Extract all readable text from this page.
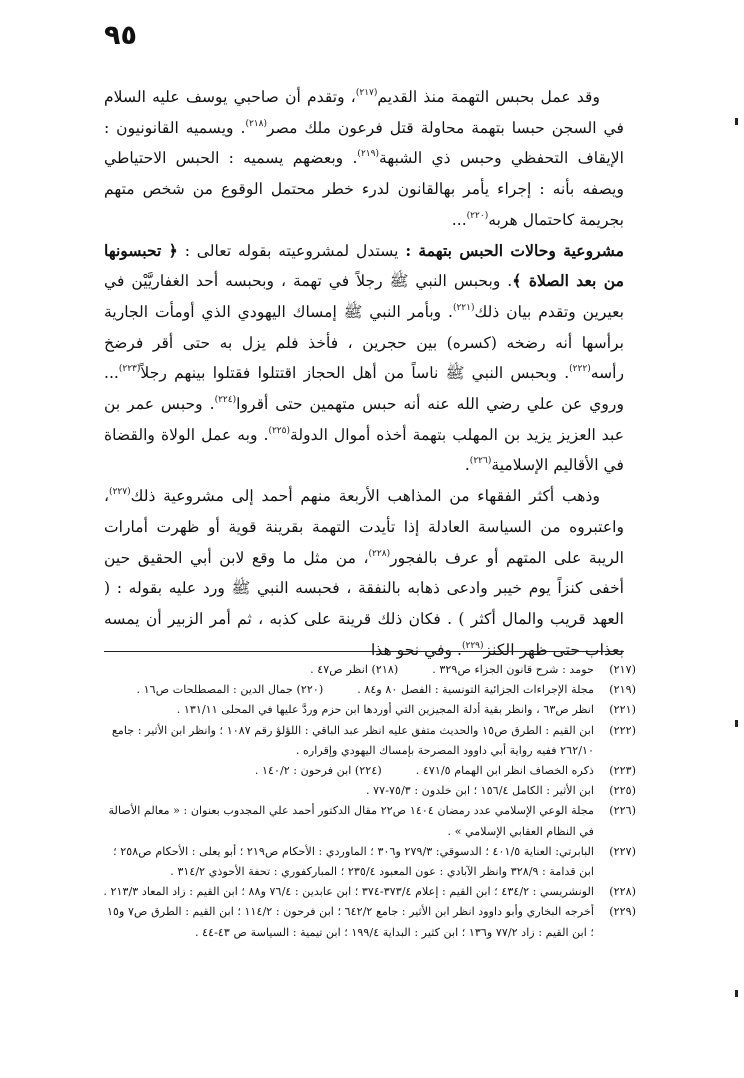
٩٥

وقد عمل بحبس التهمة منذ القديم$^{(٢١٧)}$، وتقدم أن صاحبي يوسف عليه السلام في السجن حبسا بتهمة محاولة قتل فرعون ملك مصر$^{(٢١٨)}$. ويسميه القانونيون : الإيقاف التحفظي وحبس ذي الشبهة$^{(٢١٩)}$. وبعضهم يسميه : الحبس الاحتياطي ويصفه بأنه : إجراء يأمر بهالقانون لدرء خطر محتمل الوقوع من شخص متهم بجريمة كاحتمال هربه$^{(٢٢٠)}$...

مشروعية وحالات الحبس بتهمة : يستدل لمشروعيته بقوله تعالى : ﴿ تحبسونها من بعد الصلاة ﴾. وبحبس النبي ﷺ رجلاً في تهمة ، وبحبسه أحد الغفاريَّيْن في بعيرين وتقدم بيان ذلك$^{(٢٢١)}$. وبأمر النبي ﷺ إمساك اليهودي الذي أومأت الجارية برأسها أنه رضخه (كسره) بين حجرين ، فأخذ فلم يزل به حتى أقر فرضخ رأسه$^{(٢٢٢)}$. وبحبس النبي ﷺ ناساً من أهل الحجاز اقتتلوا فقتلوا بينهم رجلاً$^{(٢٢٣)}$... وروي عن علي رضي الله عنه أنه حبس متهمين حتى أقروا$^{(٢٢٤)}$. وحبس عمر بن عبد العزيز يزيد بن المهلب بتهمة أخذه أموال الدولة$^{(٢٢٥)}$. وبه عمل الولاة والقضاة في الأقاليم الإسلامية$^{(٢٢٦)}$.

وذهب أكثر الفقهاء من المذاهب الأربعة منهم أحمد إلى مشروعية ذلك$^{(٢٢٧)}$، واعتبروه من السياسة العادلة إذا تأيدت التهمة بقرينة قوية أو ظهرت أمارات الريبة على المتهم أو عرف بالفجور$^{(٢٢٨)}$، من مثل ما وقع لابن أبي الحقيق حين أخفى كنزاً يوم خيبر وادعى ذهابه بالنفقة ، فحبسه النبي ﷺ ورد عليه بقوله : ( العهد قريب والمال أكثر ) . فكان ذلك قرينة على كذبه ، ثم أمر الزبير أن يمسه بعذاب حتى ظهر الكنز$^{(٢٢٩)}$. وفي نحو هذا

(٢١٧)
حومد : شرح قانون الجزاء ص٣٢٩ .(٢١٨) انظر ص٤٧ .
(٢١٩)
مجلة الإجراءات الجزائية التونسية : الفصل ٨٠ و٨٤ .(٢٢٠) جمال الدين : المصطلحات ص١٦ .
(٢٢١)
انظر ص٦٣ ، وانظر بقية أدلة المجيزين التي أوردها ابن حزم وردَّ عليها في المحلى ١٣١/١١ .
(٢٢٢)
ابن القيم : الطرق ص١٥ والحديث متفق عليه انظر عبد الباقي : اللؤلؤ رقم ١٠٨٧ ؛ وانظر ابن الأثير : جامع ٢٦٢/١٠ ففيه رواية أبي داوود المصرحة بإمساك اليهودي وإقراره .
(٢٢٣)
ذكره الخصاف انظر ابن الهمام ٤٧١/٥ .(٢٢٤) ابن فرحون : ١٤٠/٢ .
(٢٢٥)
ابن الأثير : الكامل ١٥٦/٤ ؛ ابن خلدون : ٧٥/٣-٧٧ .
(٢٢٦)
مجلة الوعي الإسلامي عدد رمضان ١٤٠٤ ص٢٢ مقال الدكتور أحمد علي المجدوب بعنوان : « معالم الأصالة في النظام العقابي الإسلامي » .
(٢٢٧)
البابرتي: العناية ٤٠١/٥ ؛ الدسوقي: ٢٧٩/٣ و٣٠٦ ؛ الماوردي : الأحكام ص٢١٩ ؛ أبو يعلى : الأحكام ص٢٥٨ ؛ ابن قدامة : ٣٢٨/٩ وانظر الآبادي : عون المعبود ٢٣٥/٤ ؛ المباركفوري : تحفة الأحوذي ٣١٤/٢ .
(٢٢٨)
الونشريسي : ٤٣٤/٢ ؛ ابن القيم : إعلام ٣٧٣/٤-٣٧٤ ؛ ابن عابدين : ٧٦/٤ و٨٨ ؛ ابن القيم : زاد المعاد ٢١٣/٣ .
(٢٢٩)
أخرجه البخاري وأبو داوود انظر ابن الأثير : جامع ٦٤٢/٢ ؛ ابن فرحون : ١١٤/٢ ؛ ابن القيم : الطرق ص٧ و١٥ ؛ ابن القيم : زاد ٧٧/٢ و١٣٦ ؛ ابن كثير : البداية ١٩٩/٤ ؛ ابن تيمية : السياسة ص ٤٣-٤٤ .
